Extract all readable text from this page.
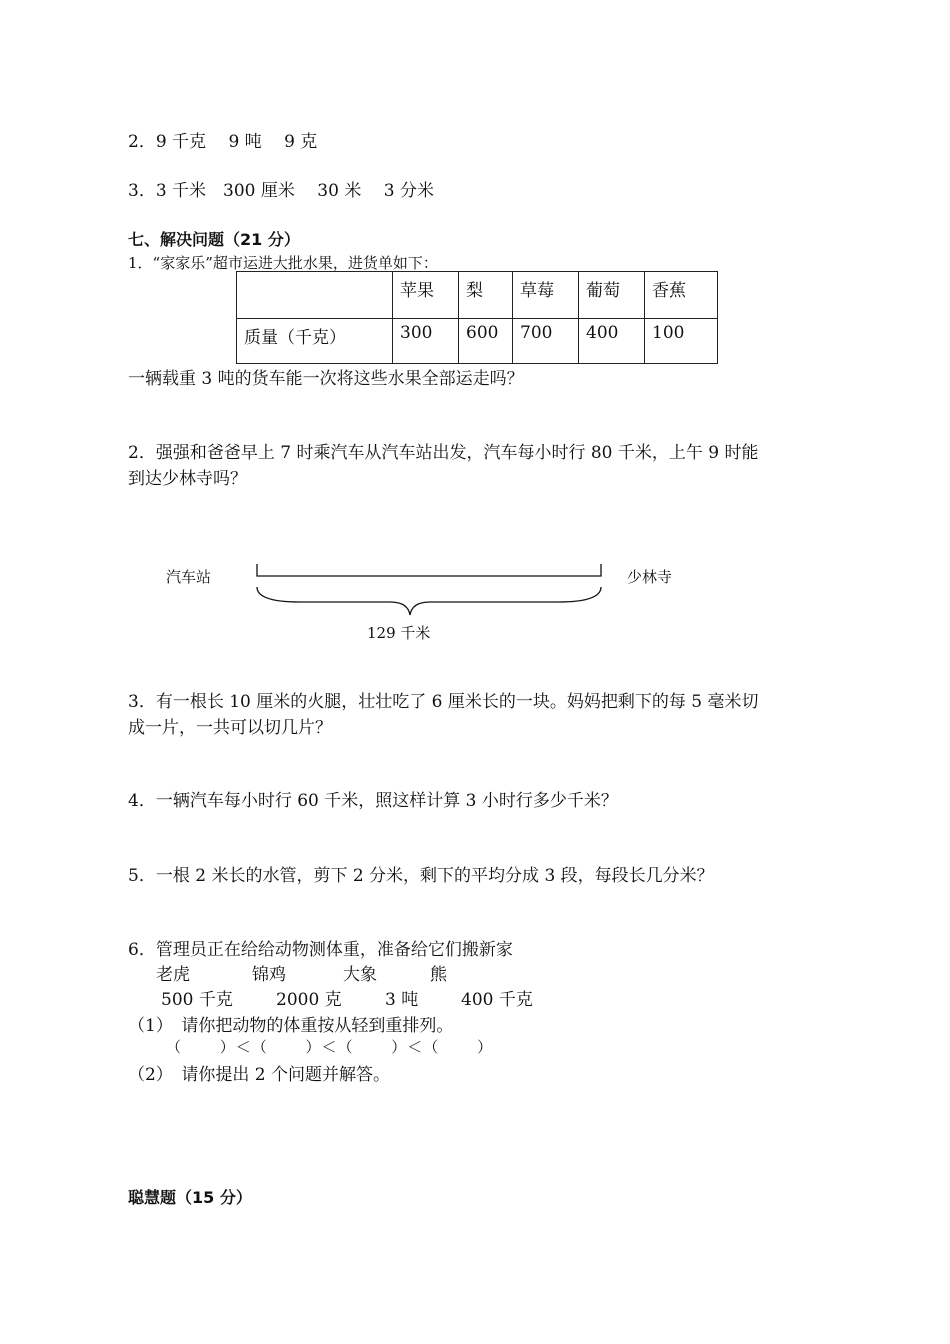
2．9 千克　 9 吨　 9 克
3．3 千米　300 厘米　 30 米　 3 分米
七、解决问题（21 分）
1．“家家乐”超市运进大批水果，进货单如下：
	苹果	梨	草莓	葡萄	香蕉
质量（千克）	300	600	700	400	100
一辆载重 3 吨的货车能一次将这些水果全部运走吗？
2．强强和爸爸早上 7 时乘汽车从汽车站出发，汽车每小时行 80 千米，上午 9 时能
到达少林寺吗？
汽车站	少林寺
129 千米
3．有一根长 10 厘米的火腿，壮壮吃了 6 厘米长的一块。妈妈把剩下的每 5 毫米切
成一片，一共可以切几片？
4．一辆汽车每小时行 60 千米，照这样计算 3 小时行多少千米？
5．一根 2 米长的水管，剪下 2 分米，剩下的平均分成 3 段，每段长几分米？
6．管理员正在给给动物测体重，准备给它们搬新家
老虎	锦鸡	大象	熊
500 千克	2000 克	3 吨	400 千克
（1）　请你把动物的体重按从轻到重排列。
（　　 ）＜（　　 ）＜（　　 ）＜（　　 ）
（2）　请你提出 2 个问题并解答。
聪慧题（15 分）
